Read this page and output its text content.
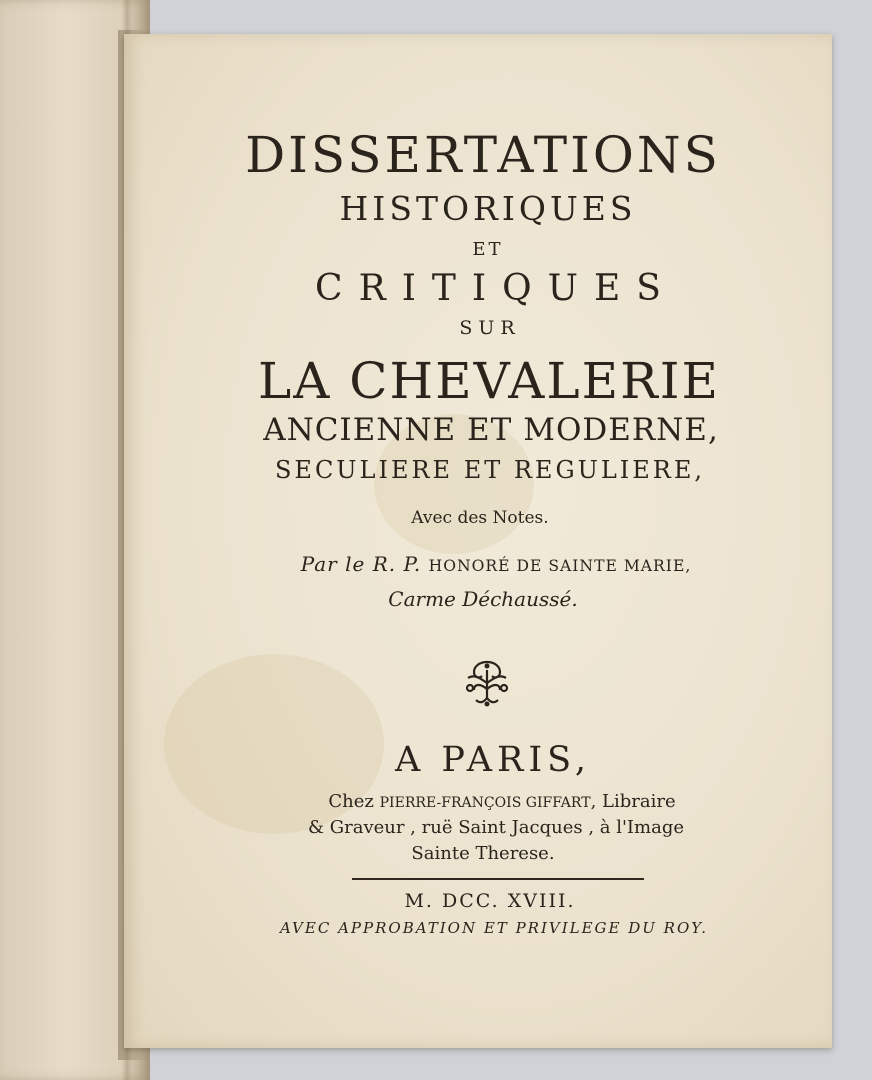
DISSERTATIONS
HISTORIQUES
ET
CRITIQUES
SUR
LA CHEVALERIE
ANCIENNE ET MODERNE,
SECULIERE ET REGULIERE,
Avec des Notes.
Par le R. P. HONORÉ DE SAINTE MARIE,
Carme Déchaussé.
A PARIS,
Chez PIERRE-FRANÇOIS GIFFART, Libraire
& Graveur , ruë Saint Jacques , à l'Image
Sainte Therese.
M. DCC. XVIII.
AVEC APPROBATION ET PRIVILEGE DU ROY.
